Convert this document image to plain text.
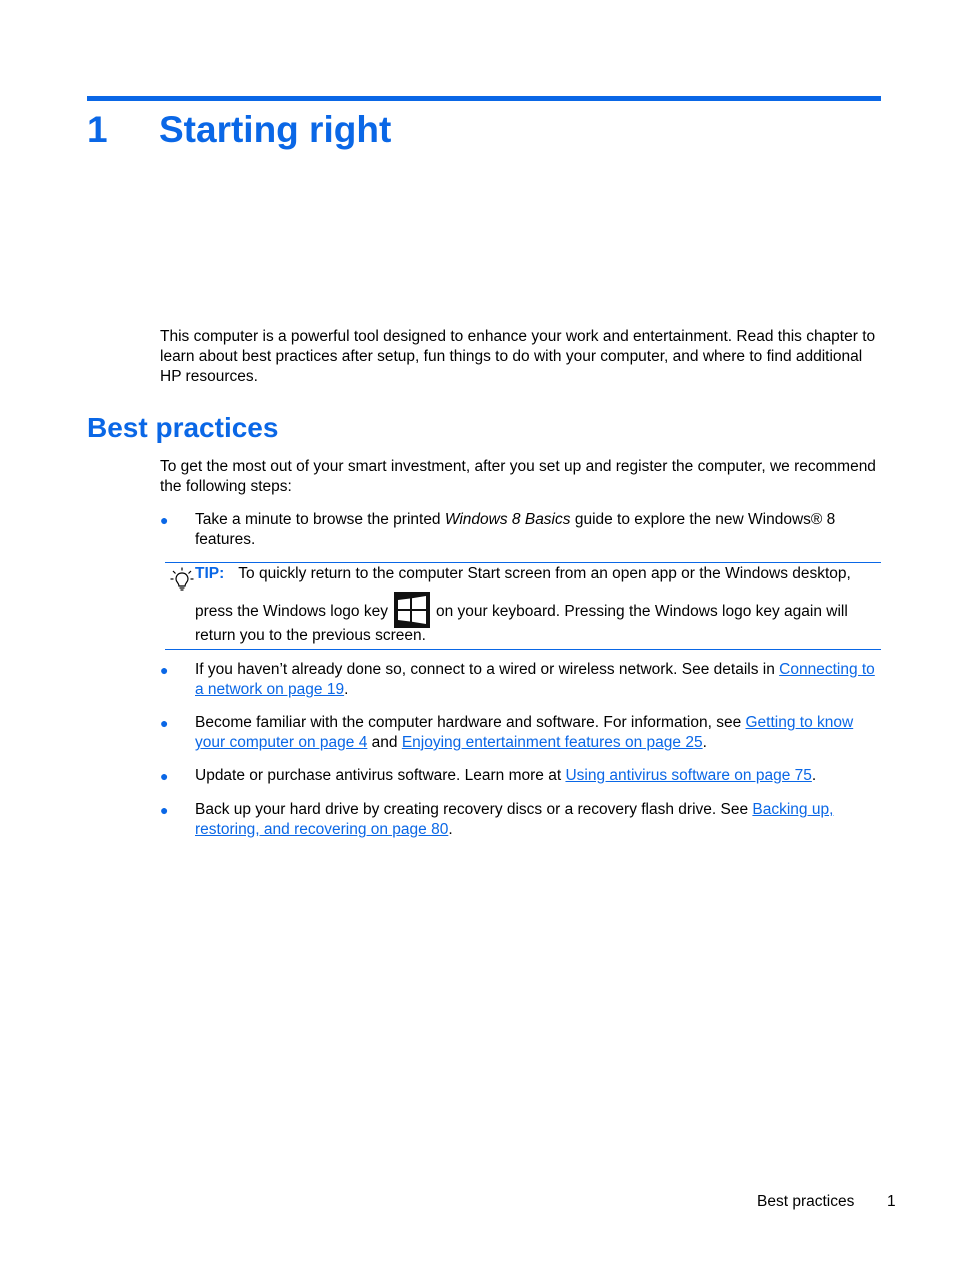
1 Starting right

This computer is a powerful tool designed to enhance your work and entertainment. Read this chapter to learn about best practices after setup, fun things to do with your computer, and where to find additional HP resources.

Best practices

To get the most out of your smart investment, after you set up and register the computer, we recommend the following steps:

● Take a minute to browse the printed Windows 8 Basics guide to explore the new Windows® 8 features.
TIP: To quickly return to the computer Start screen from an open app or the Windows desktop,
press the Windows logo key	on your keyboard. Pressing the Windows logo key again will
return you to the previous screen.
● If you haven’t already done so, connect to a wired or wireless network. See details in Connecting to a network on page 19.
● Become familiar with the computer hardware and software. For information, see Getting to know your computer on page 4 and Enjoying entertainment features on page 25.
● Update or purchase antivirus software. Learn more at Using antivirus software on page 75.
● Back up your hard drive by creating recovery discs or a recovery flash drive. See Backing up, restoring, and recovering on page 80.
Best practices 1
